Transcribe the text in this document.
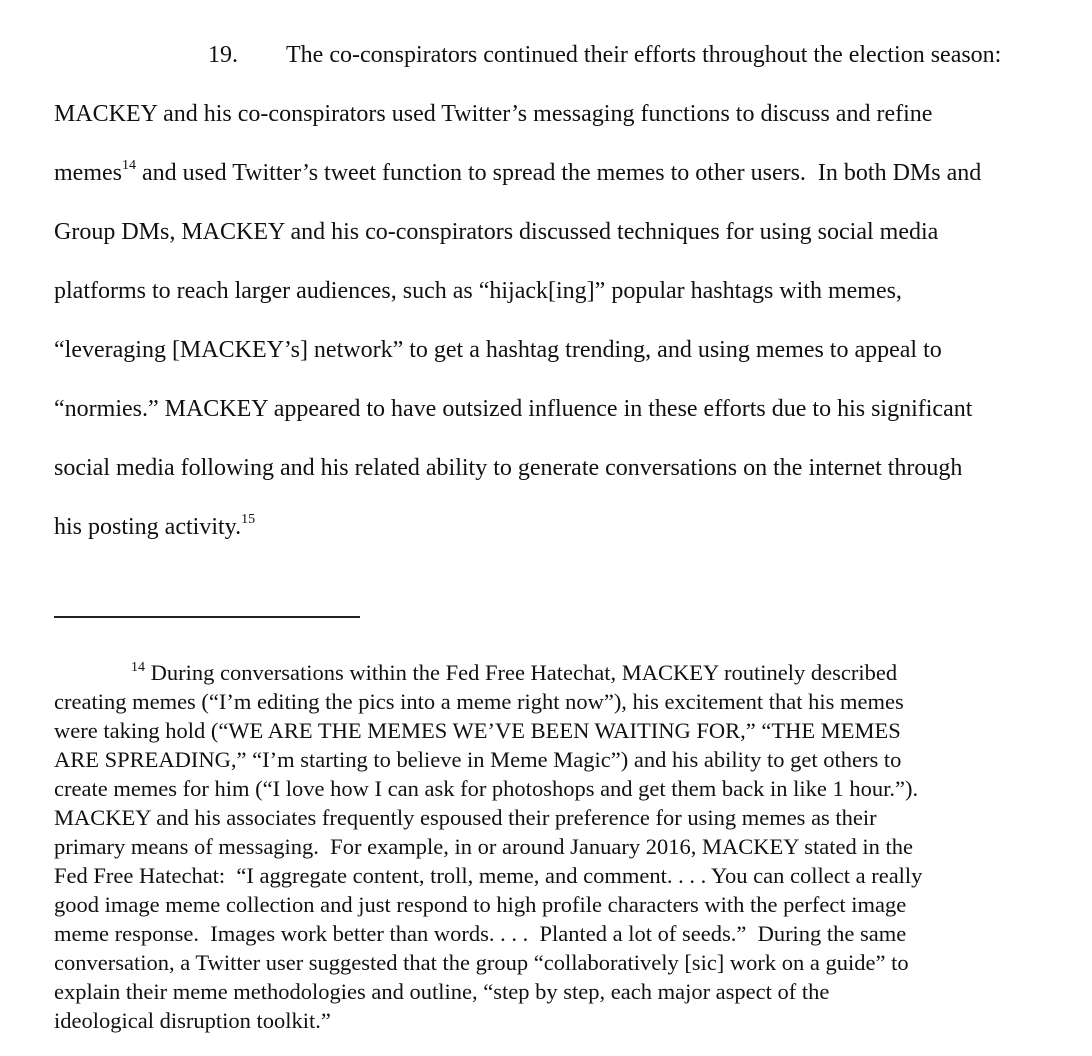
19. The co-conspirators continued their efforts throughout the election season:

MACKEY and his co-conspirators used Twitter’s messaging functions to discuss and refine

memes$^{14}$ and used Twitter’s tweet function to spread the memes to other users.  In both DMs and

Group DMs, MACKEY and his co-conspirators discussed techniques for using social media

platforms to reach larger audiences, such as “hijack[ing]” popular hashtags with memes,

“leveraging [MACKEY’s] network” to get a hashtag trending, and using memes to appeal to

“normies.” MACKEY appeared to have outsized influence in these efforts due to his significant

social media following and his related ability to generate conversations on the internet through

his posting activity.$^{15}$

$^{14}$ During conversations within the Fed Free Hatechat, MACKEY routinely described

creating memes (“I’m editing the pics into a meme right now”), his excitement that his memes

were taking hold (“WE ARE THE MEMES WE’VE BEEN WAITING FOR,” “THE MEMES

ARE SPREADING,” “I’m starting to believe in Meme Magic”) and his ability to get others to

create memes for him (“I love how I can ask for photoshops and get them back in like 1 hour.”).

MACKEY and his associates frequently espoused their preference for using memes as their

primary means of messaging.  For example, in or around January 2016, MACKEY stated in the

Fed Free Hatechat:  “I aggregate content, troll, meme, and comment. . . . You can collect a really

good image meme collection and just respond to high profile characters with the perfect image

meme response.  Images work better than words. . . .  Planted a lot of seeds.”  During the same

conversation, a Twitter user suggested that the group “collaboratively [sic] work on a guide” to

explain their meme methodologies and outline, “step by step, each major aspect of the

ideological disruption toolkit.”
